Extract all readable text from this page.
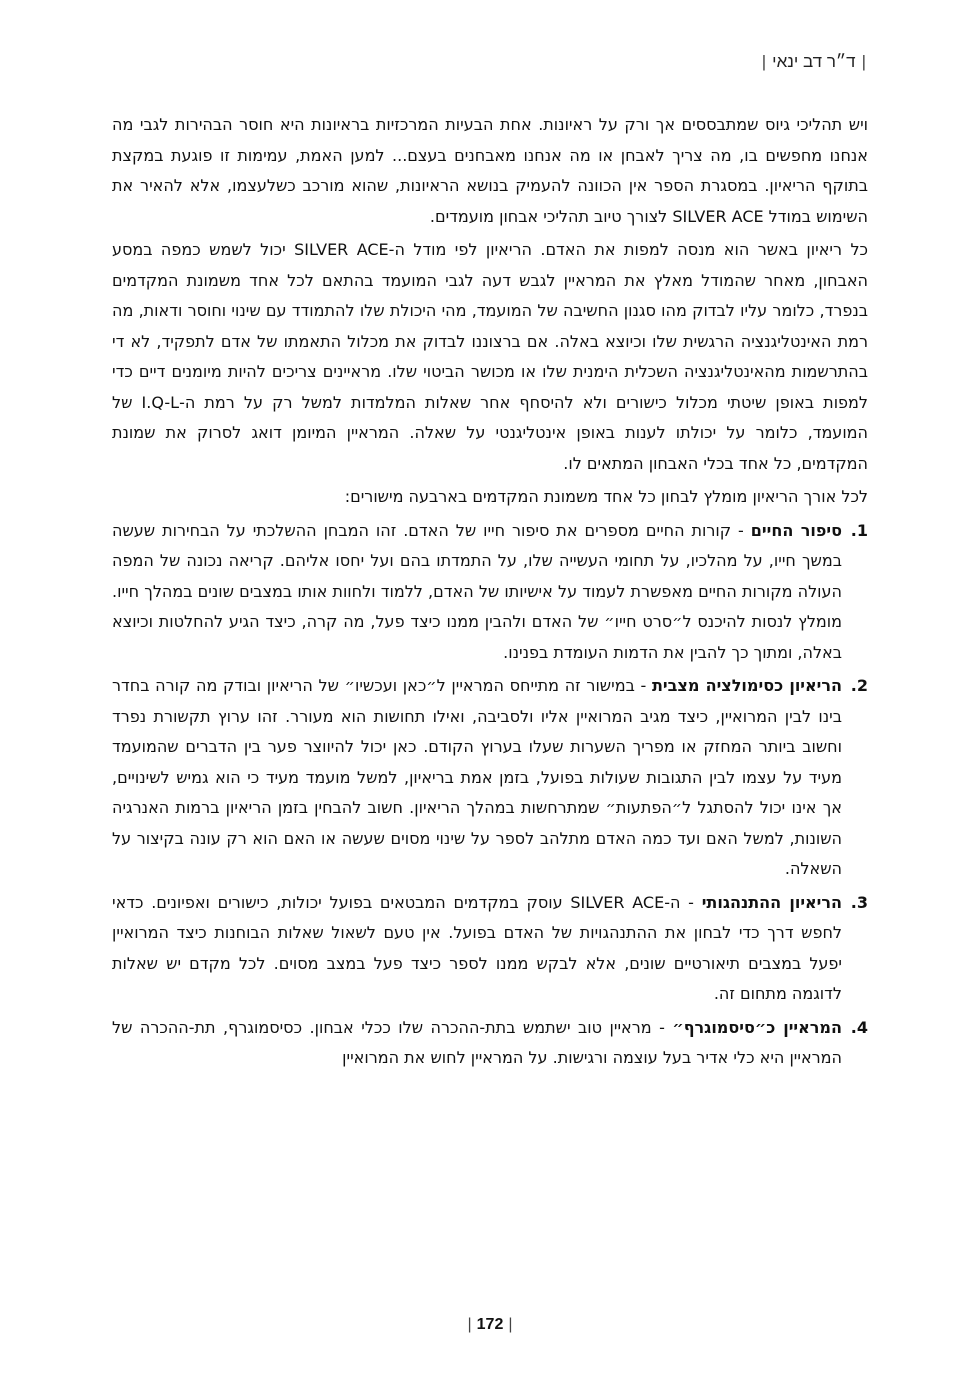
|ד״ר דב ינאי|

ויש תהליכי גיוס שמתבססים אך ורק על ראיונות. אחת הבעיות המרכזיות בראיונות היא חוסר הבהירות לגבי מה אנחנו מחפשים בו, מה צריך לאבחן או מה אנחנו מאבחנים בעצם... למען האמת, עמימות זו פוגעת במקצת בתוקף הריאיון. במסגרת הספר אין הכוונה להעמיק בנושא הראיונות, שהוא מורכב כשלעצמו, אלא להאיר את השימוש במודל SILVER ACE לצורך טיוב תהליכי אבחון מועמדים.

כל ריאיון באשר הוא מנסה למפות את האדם. הריאיון לפי מודל ה-SILVER ACE יכול לשמש כמפה במסע האבחון, מאחר שהמודל מאלץ את המראיין לגבש דעה לגבי המועמד בהתאם לכל אחד משמונת המקדמים בנפרד, כלומר עליו לבדוק מהו סגנון החשיבה של המועמד, מהי היכולת שלו להתמודד עם שינוי וחוסר ודאות, מה רמת האינטליגנציה הרגשית שלו וכיוצא באלה. אם ברצוננו לבדוק את מכלול התאמתו של אדם לתפקיד, לא די בהתרשמות מהאינטליגנציה השכלית הימנית שלו או מכושר הביטוי שלו. מראיינים צריכים להיות מיומנים דיים כדי למפות באופן שיטתי מכלול כישורים ולא להיסחף אחר שאלות המלמדות למשל רק על רמת ה-I.Q-L של המועמד, כלומר על יכולתו לענות באופן אינטליגנטי על שאלה. המראיין המיומן דואג לסרוק את שמונת המקדמים, כל אחד בכלי האבחון המתאים לו.

לכל אורך הריאיון מומלץ לבחון כל אחד משמונת המקדמים בארבעה מישורים:

1.
סיפור החיים - קורות החיים מספרים את סיפור חייו של האדם. זהו המבחן ההשלכתי על הבחירות שעשה במשך חייו, על מהלכיו, על תחומי העשייה שלו, על התמדתו בהם ועל יחסו אליהם. קריאה נכונה של המפה העולה מקורות החיים מאפשרת לעמוד על אישיותו של האדם, ללמוד ולחוות אותו במצבים שונים במהלך חייו. מומלץ לנסות להיכנס ל״סרט חייו״ של האדם ולהבין ממנו כיצד פעל, מה קרה, כיצד הגיע להחלטות וכיוצא באלה, ומתוך כך להבין את הדמות העומדת בפנינו.
2.
הריאיון כסימולציה מצבית - במישור זה מתייחס המראיין ל״כאן ועכשיו״ של הריאיון ובודק מה קורה בחדר בינו לבין המרואיין, כיצד מגיב המרואיין אליו ולסביבה, ואילו תחושות הוא מעורר. זהו ערוץ תקשורת נפרד וחשוב ביותר המחזק או מפריך השערות שעלו בערוץ הקודם. כאן יכול להיווצר פער בין הדברים שהמועמד מעיד על עצמו לבין התגובות שעולות בפועל, בזמן אמת בריאיון, למשל מועמד מעיד כי הוא גמיש לשינויים, אך אינו יכול להסתגל ל״הפתעות״ שמתרחשות במהלך הריאיון. חשוב להבחין בזמן הריאיון ברמות האנרגיה השונות, למשל האם ועד כמה האדם מתלהב לספר על שינוי מסוים שעשה או האם הוא רק עונה בקיצור על השאלה.
3.
הריאיון ההתנהגותי - ה-SILVER ACE עוסק במקדמים המבטאים בפועל יכולות, כישורים ואפיונים. כדאי לחפש דרך כדי לבחון את ההתנהגויות של האדם בפועל. אין טעם לשאול שאלות הבוחנות כיצד המרואיין יפעל במצבים תיאורטיים שונים, אלא לבקש ממנו לספר כיצד פעל במצב מסוים. לכל מקדם יש שאלות לדוגמה מתחום זה.
4.
המראיין כ״סיסמוגרף״ - מראיין טוב ישתמש בתת-ההכרה שלו ככלי אבחון. כסיסמוגרף, תת-ההכרה של המראיין היא כלי אדיר בעל עוצמה ורגישות. על המראיין לחוש את המרואיין
| 172 |
